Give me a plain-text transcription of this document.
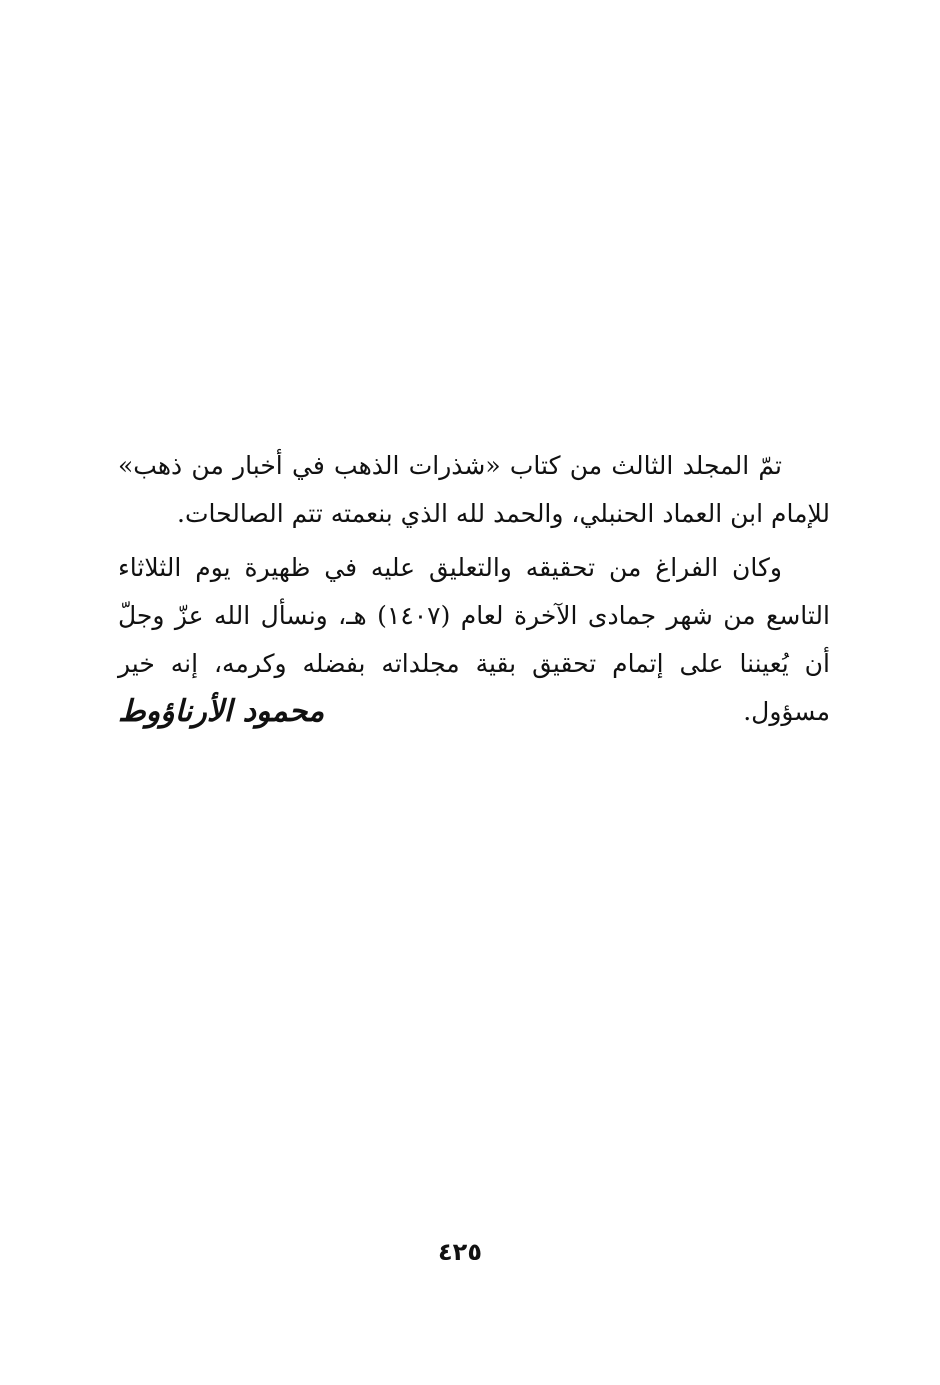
تمّ المجلد الثالث من كتاب «شذرات الذهب في أخبار من ذهب» للإمام ابن العماد الحنبلي، والحمد لله الذي بنعمته تتم الصالحات.

وكان الفراغ من تحقيقه والتعليق عليه في ظهيرة يوم الثلاثاء التاسع من شهر جمادى الآخرة لعام (١٤٠٧) هـ، ونسأل الله عزّ وجلّ أن يُعيننا على إتمام تحقيق بقية مجلداته بفضله وكرمه، إنه خير مسؤول.

محمود الأرناؤوط
٤٢٥
